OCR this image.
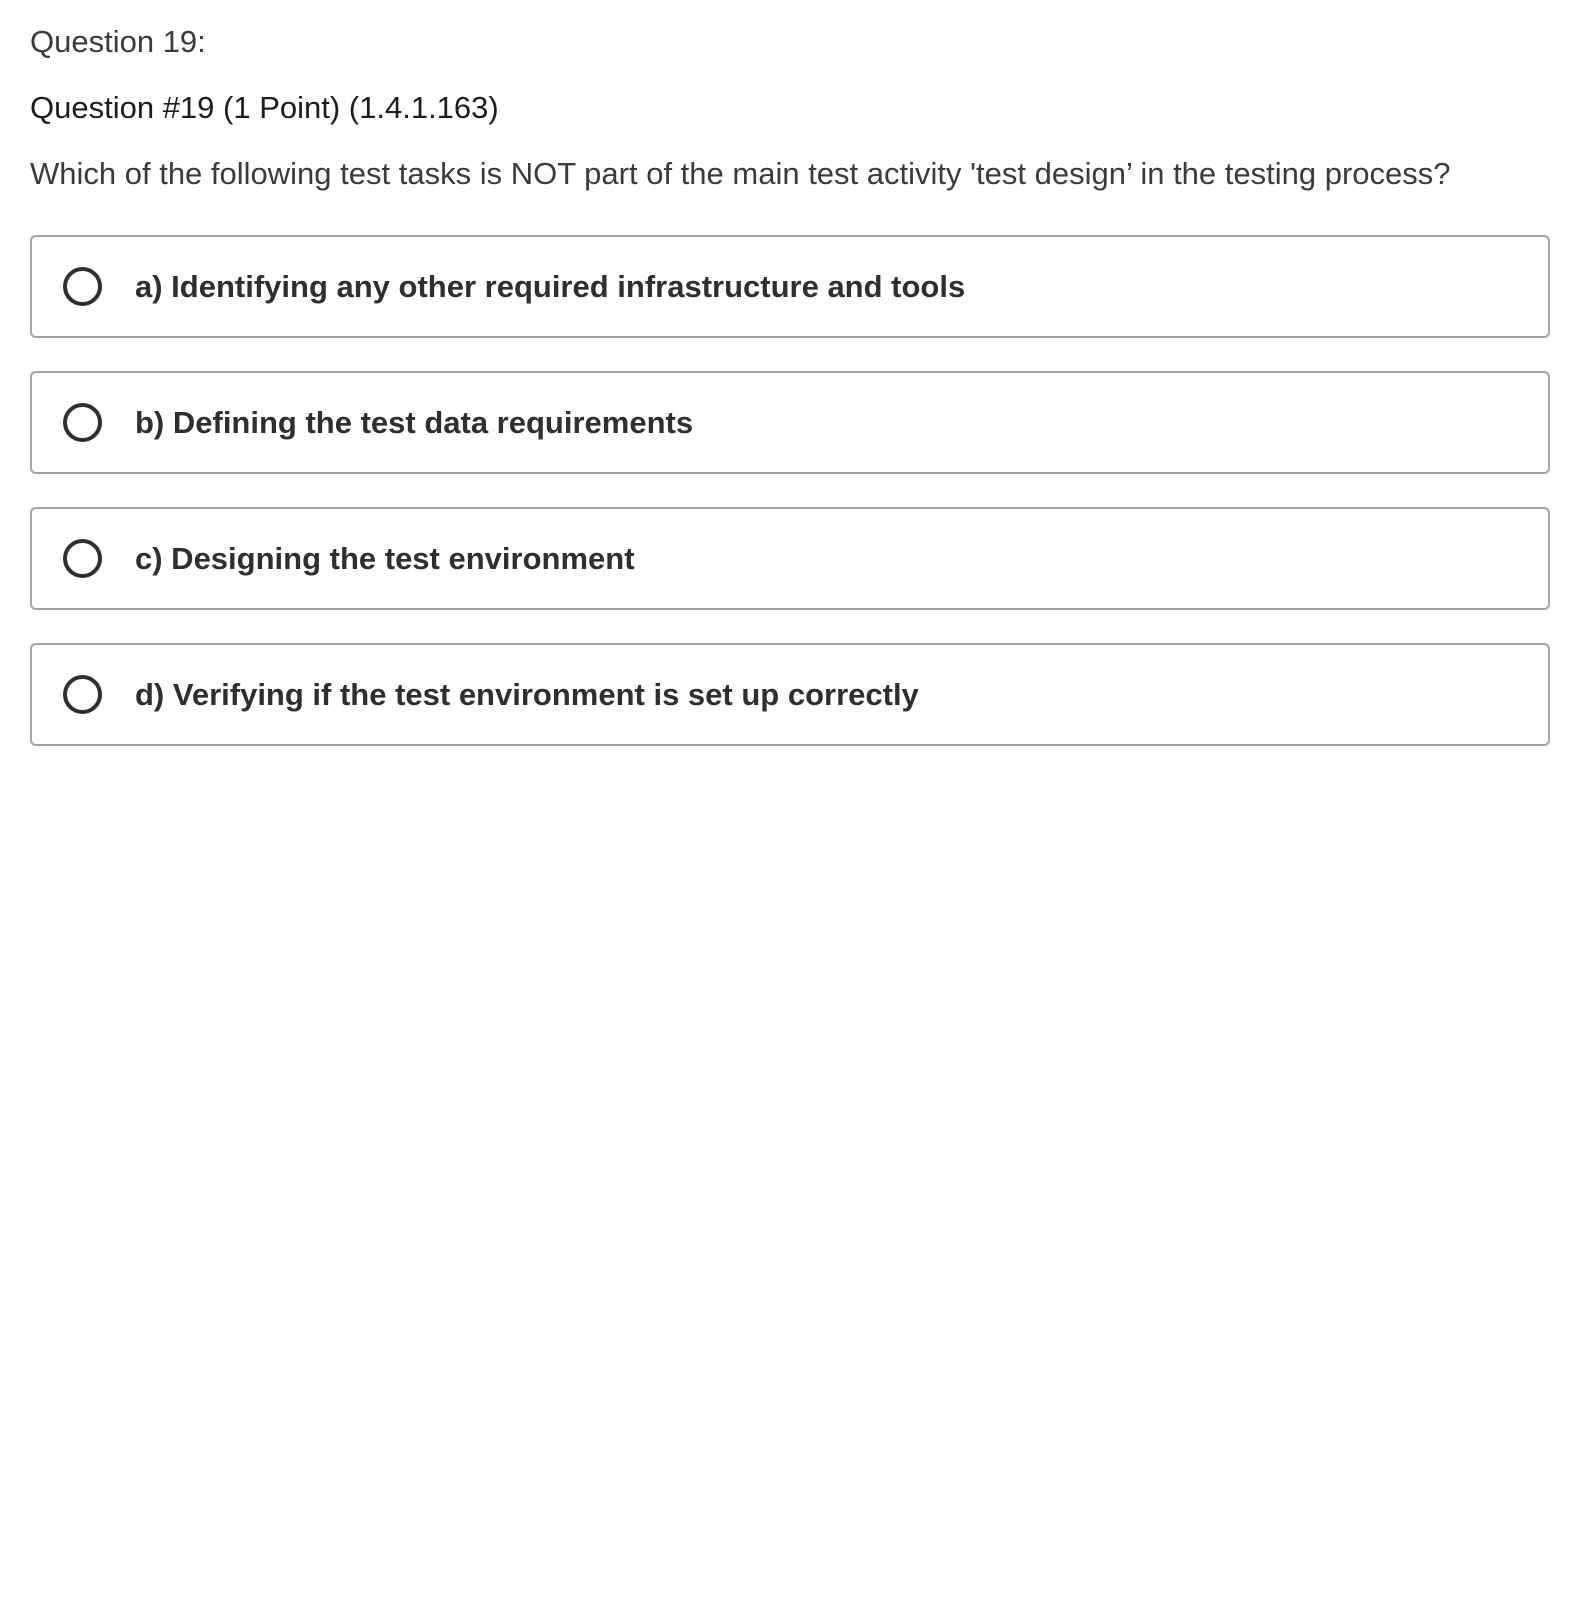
Question 19:
Question #19 (1 Point) (1.4.1.163)
Which of the following test tasks is NOT part of the main test activity 'test design’ in the testing process?
a) Identifying any other required infrastructure and tools
b) Defining the test data requirements
c) Designing the test environment
d) Verifying if the test environment is set up correctly
